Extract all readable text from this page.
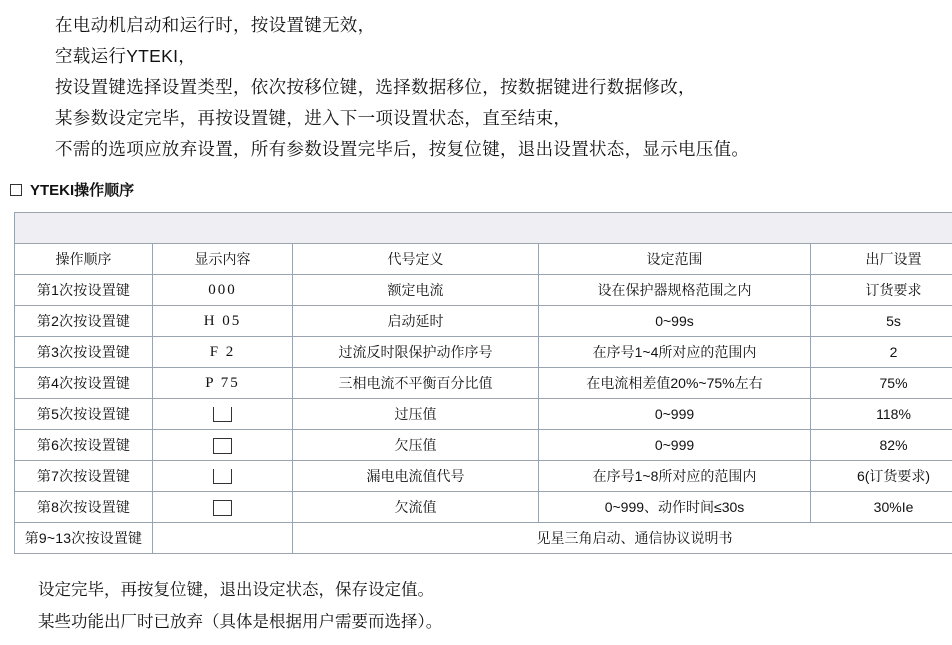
在电动机启动和运行时，按设置键无效，

空载运行YTEKI，

按设置键选择设置类型，依次按移位键，选择数据移位，按数据键进行数据修改，

某参数设定完毕，再按设置键，进入下一项设置状态，直至结束，

不需的选项应放弃设置，所有参数设置完毕后，按复位键，退出设置状态，显示电压值。

YTEKI操作顺序

操作顺序	显示内容	代号定义	设定范围	出厂设置
第1次按设置键	000	额定电流	设在保护器规格范围之内	订货要求
第2次按设置键	H 05	启动延时	0~99s	5s
第3次按设置键	F 2	过流反时限保护动作序号	在序号1~4所对应的范围内	2
第4次按设置键	P 75	三相电流不平衡百分比值	在电流相差值20%~75%左右	75%
第5次按设置键		过压值	0~999	118%
第6次按设置键		欠压值	0~999	82%
第7次按设置键		漏电电流值代号	在序号1~8所对应的范围内	6(订货要求)
第8次按设置键		欠流值	0~999、动作时间≤30s	30%Ie
第9~13次按设置键		见星三角启动、通信协议说明书		

设定完毕，再按复位键，退出设定状态，保存设定值。

某些功能出厂时已放弃（具体是根据用户需要而选择）。
